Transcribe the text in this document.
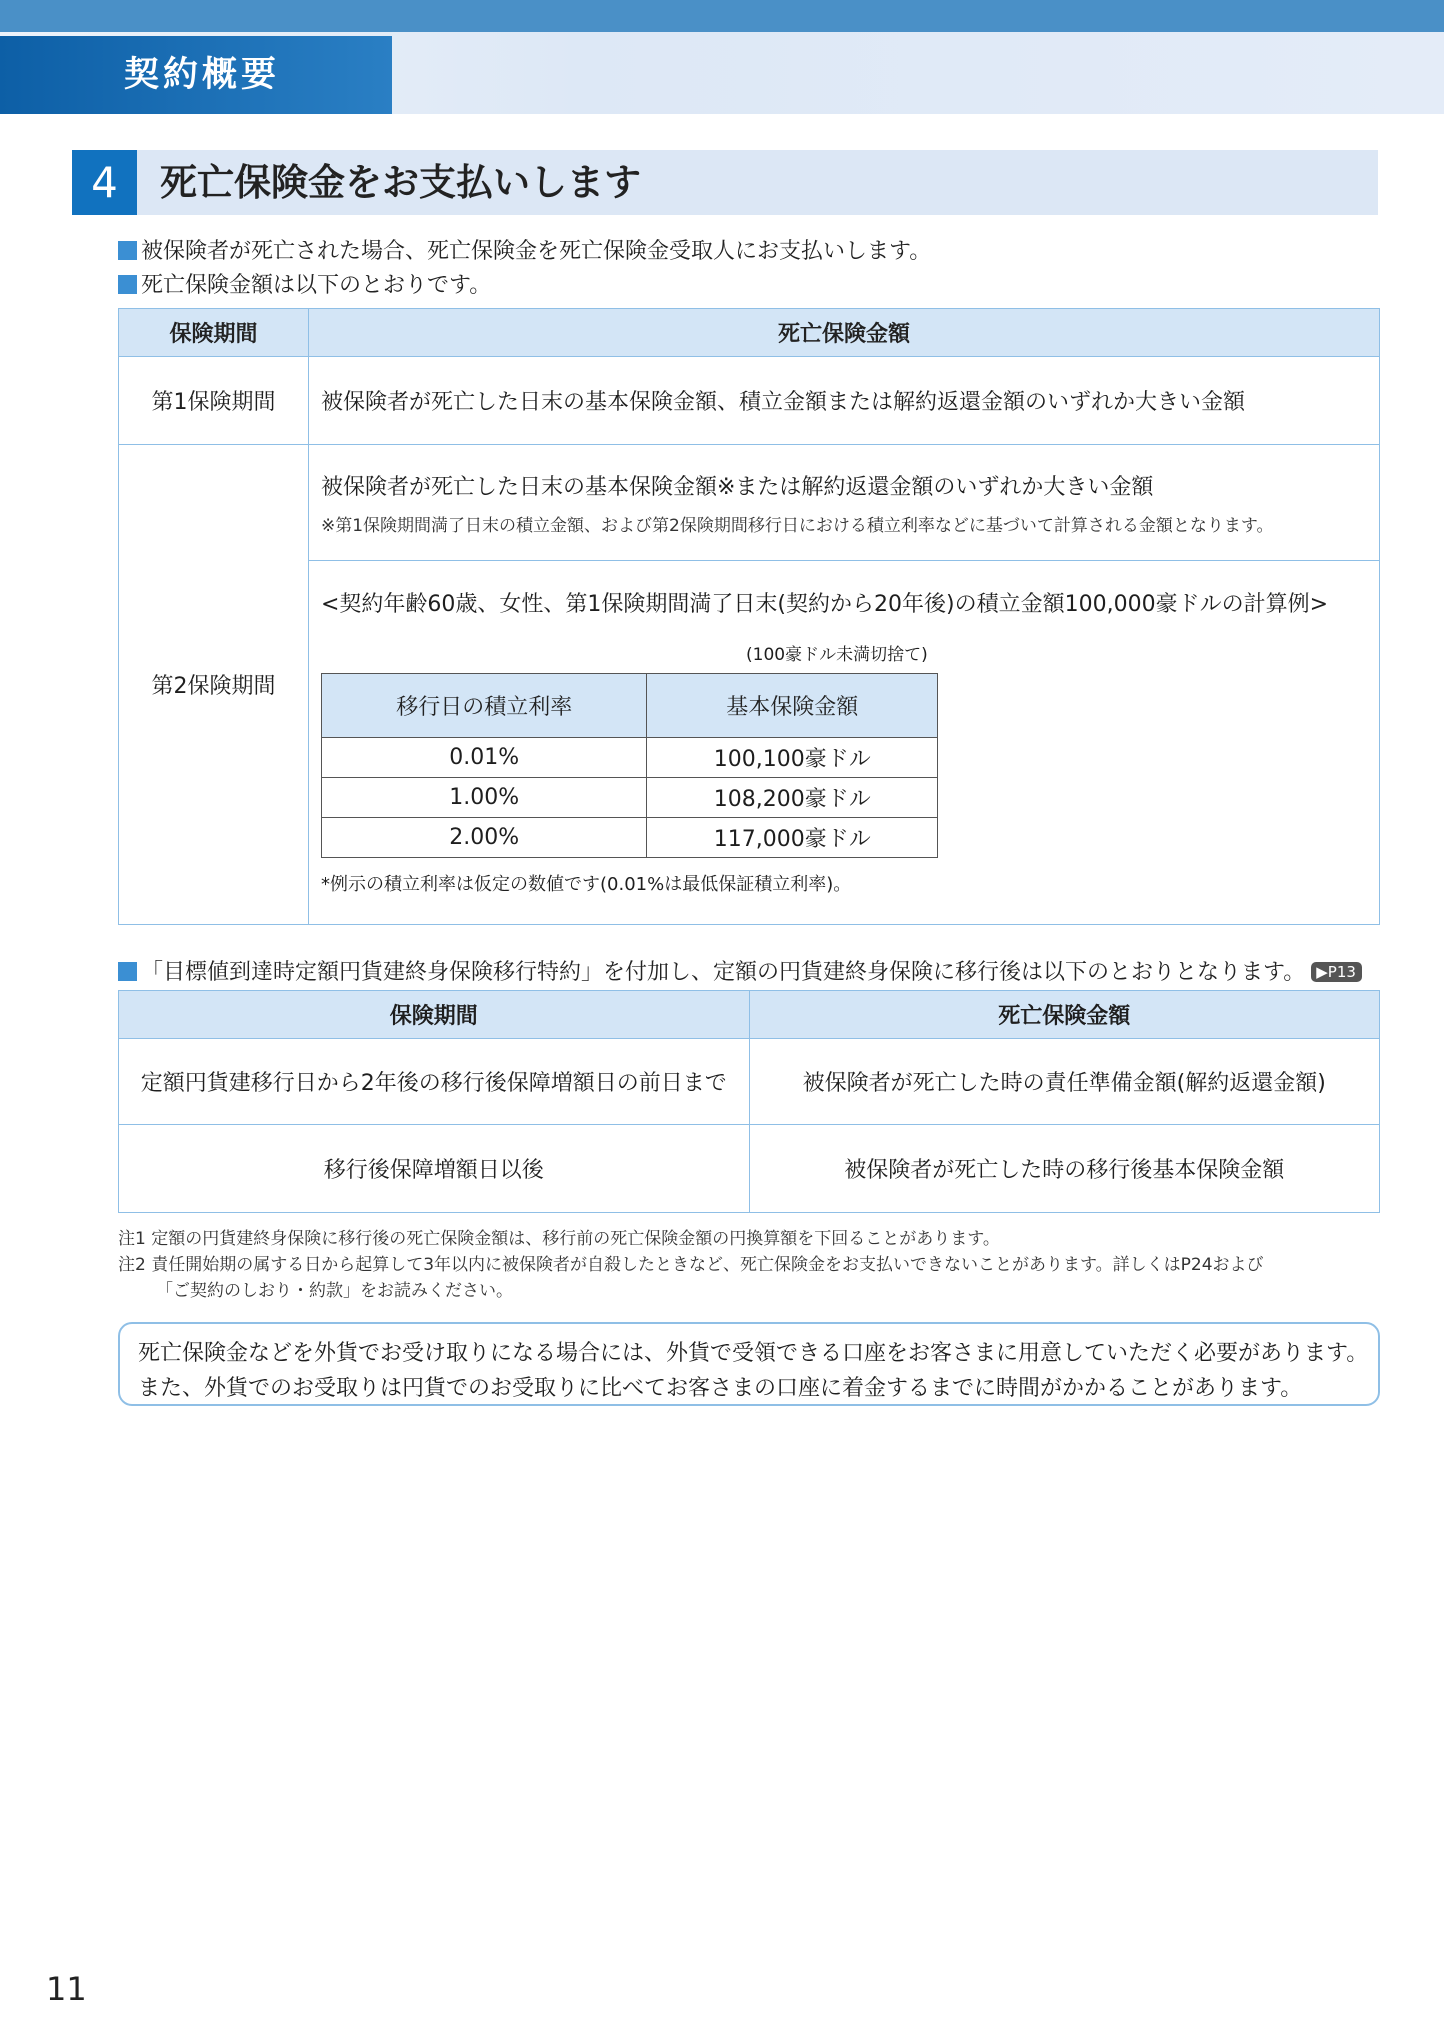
契約概要
4	死亡保険金をお支払いします
被保険者が死亡された場合、死亡保険金を死亡保険金受取人にお支払いします。
死亡保険金額は以下のとおりです。
保険期間	死亡保険金額
第1保険期間	被保険者が死亡した日末の基本保険金額、積立金額または解約返還金額のいずれか大きい金額
第2保険期間	
被保険者が死亡した日末の基本保険金額※または解約返還金額のいずれか大きい金額
※第1保険期間満了日末の積立金額、および第2保険期間移行日における積立利率などに基づいて計算される金額となります。

<契約年齢60歳、女性、第1保険期間満了日末(契約から20年後)の積立金額100,000豪ドルの計算例>
(100豪ドル未満切捨て)
移行日の積立利率	基本保険金額
0.01%	100,100豪ドル
1.00%	108,200豪ドル
2.00%	117,000豪ドル
*例示の積立利率は仮定の数値です(0.01%は最低保証積立利率)。
「目標値到達時定額円貨建終身保険移行特約」を付加し、定額の円貨建終身保険に移行後は以下のとおりとなります。 ▶P13
保険期間	死亡保険金額
定額円貨建移行日から2年後の移行後保障増額日の前日まで	被保険者が死亡した時の責任準備金額(解約返還金額)
移行後保障増額日以後	被保険者が死亡した時の移行後基本保険金額
注1 定額の円貨建終身保険に移行後の死亡保険金額は、移行前の死亡保険金額の円換算額を下回ることがあります。
注2 責任開始期の属する日から起算して3年以内に被保険者が自殺したときなど、死亡保険金をお支払いできないことがあります。詳しくはP24および
「ご契約のしおり・約款」をお読みください。
死亡保険金などを外貨でお受け取りになる場合には、外貨で受領できる口座をお客さまに用意していただく必要があります。
また、外貨でのお受取りは円貨でのお受取りに比べてお客さまの口座に着金するまでに時間がかかることがあります。
11
